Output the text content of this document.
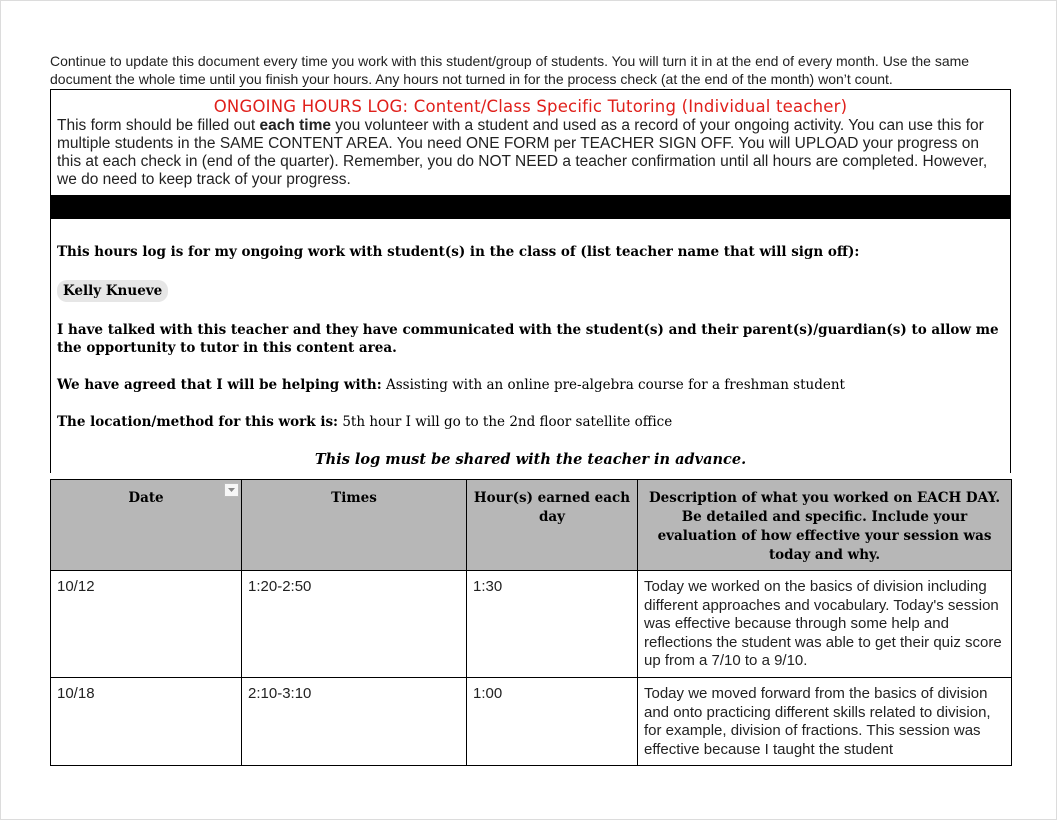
Continue to update this document every time you work with this student/group of students. You will turn it in at the end of every month. Use the same document the whole time until you finish your hours. Any hours not turned in for the process check (at the end of the month) won’t count.
ONGOING HOURS LOG: Content/Class Specific Tutoring (Individual teacher)
This form should be filled out each time you volunteer with a student and used as a record of your ongoing activity. You can use this for multiple students in the SAME CONTENT AREA. You need ONE FORM per TEACHER SIGN OFF. You will UPLOAD your progress on this at each check in (end of the quarter). Remember, you do NOT NEED a teacher confirmation until all hours are completed. However, we do need to keep track of your progress.
This hours log is for my ongoing work with student(s) in the class of (list teacher name that will sign off):
Kelly Knueve
I have talked with this teacher and they have communicated with the student(s) and their parent(s)/guardian(s) to allow me the opportunity to tutor in this content area.
We have agreed that I will be helping with: Assisting with an online pre-algebra course for a freshman student
The location/method for this work is: 5th hour I will go to the 2nd floor satellite office
This log must be shared with the teacher in advance.
Date	Times	Hour(s) earned each day	Description of what you worked on EACH DAY. Be detailed and specific. Include your evaluation of how effective your session was today and why.
10/12	1:20-2:50	1:30	Today we worked on the basics of division including different approaches and vocabulary. Today's session was effective because through some help and reflections the student was able to get their quiz score up from a 7/10 to a 9/10.
10/18	2:10-3:10	1:00	Today we moved forward from the basics of division and onto practicing different skills related to division, for example, division of fractions. This session was effective because I taught the student
